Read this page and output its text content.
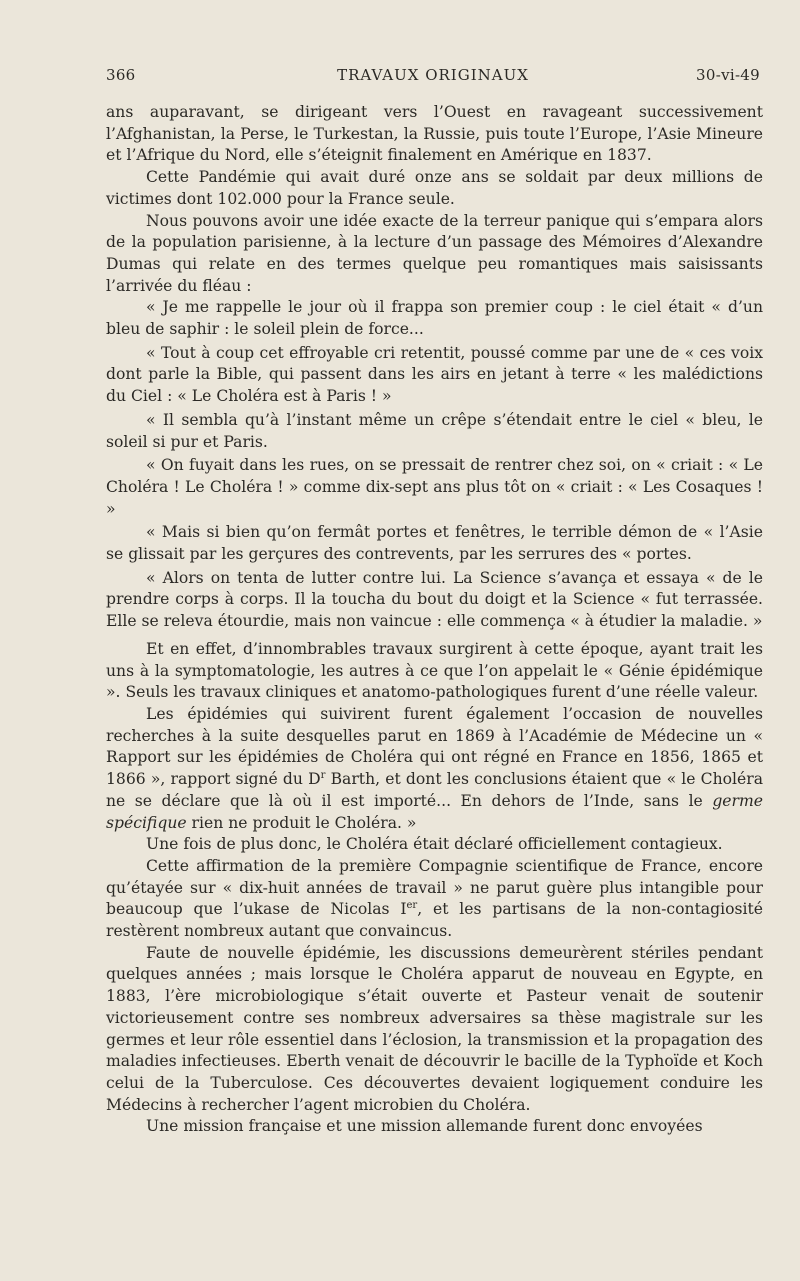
366	TRAVAUX ORIGINAUX	30-vi-49

ans auparavant, se dirigeant vers l’Ouest en ravageant successivement l’Afghanistan, la Perse, le Turkestan, la Russie, puis toute l’Europe, l’Asie Mineure et l’Afrique du Nord, elle s’éteignit finalement en Amérique en 1837.

Cette Pandémie qui avait duré onze ans se soldait par deux millions de victimes dont 102.000 pour la France seule.

Nous pouvons avoir une idée exacte de la terreur panique qui s’empara alors de la population parisienne, à la lecture d’un passage des Mémoires d’Alexandre Dumas qui relate en des termes quelque peu romantiques mais saisissants l’arrivée du fléau :

« Je me rappelle le jour où il frappa son premier coup : le ciel était « d’un bleu de saphir : le soleil plein de force...

« Tout à coup cet effroyable cri retentit, poussé comme par une de « ces voix dont parle la Bible, qui passent dans les airs en jetant à terre « les malédictions du Ciel : « Le Choléra est à Paris ! »

« Il sembla qu’à l’instant même un crêpe s’étendait entre le ciel « bleu, le soleil si pur et Paris.

« On fuyait dans les rues, on se pressait de rentrer chez soi, on « criait : « Le Choléra ! Le Choléra ! » comme dix-sept ans plus tôt on « criait : « Les Cosaques ! »

« Mais si bien qu’on fermât portes et fenêtres, le terrible démon de « l’Asie se glissait par les gerçures des contrevents, par les serrures des « portes.

« Alors on tenta de lutter contre lui. La Science s’avança et essaya « de le prendre corps à corps. Il la toucha du bout du doigt et la Science « fut terrassée. Elle se releva étourdie, mais non vaincue : elle commença « à étudier la maladie. »

Et en effet, d’innombrables travaux surgirent à cette époque, ayant trait les uns à la symptomatologie, les autres à ce que l’on appelait le « Génie épidémique ». Seuls les travaux cliniques et anatomo-pathologiques furent d’une réelle valeur.

Les épidémies qui suivirent furent également l’occasion de nouvelles recherches à la suite desquelles parut en 1869 à l’Académie de Médecine un « Rapport sur les épidémies de Choléra qui ont régné en France en 1856, 1865 et 1866 », rapport signé du $D^r$ Barth, et dont les conclusions étaient que « le Choléra ne se déclare que là où il est importé... En dehors de l’Inde, sans le germe spécifique rien ne produit le Choléra. »

Une fois de plus donc, le Choléra était déclaré officiellement contagieux.

Cette affirmation de la première Compagnie scientifique de France, encore qu’étayée sur « dix-huit années de travail » ne parut guère plus intangible pour beaucoup que l’ukase de Nicolas Ier, et les partisans de la non-contagiosité restèrent nombreux autant que convaincus.

Faute de nouvelle épidémie, les discussions demeurèrent stériles pendant quelques années ; mais lorsque le Choléra apparut de nouveau en Egypte, en 1883, l’ère microbiologique s’était ouverte et Pasteur venait de soutenir victorieusement contre ses nombreux adversaires sa thèse magistrale sur les germes et leur rôle essentiel dans l’éclosion, la transmission et la propagation des maladies infectieuses. Eberth venait de découvrir le bacille de la Typhoïde et Koch celui de la Tuberculose. Ces découvertes devaient logiquement conduire les Médecins à rechercher l’agent microbien du Choléra.

Une mission française et une mission allemande furent donc envoyées
